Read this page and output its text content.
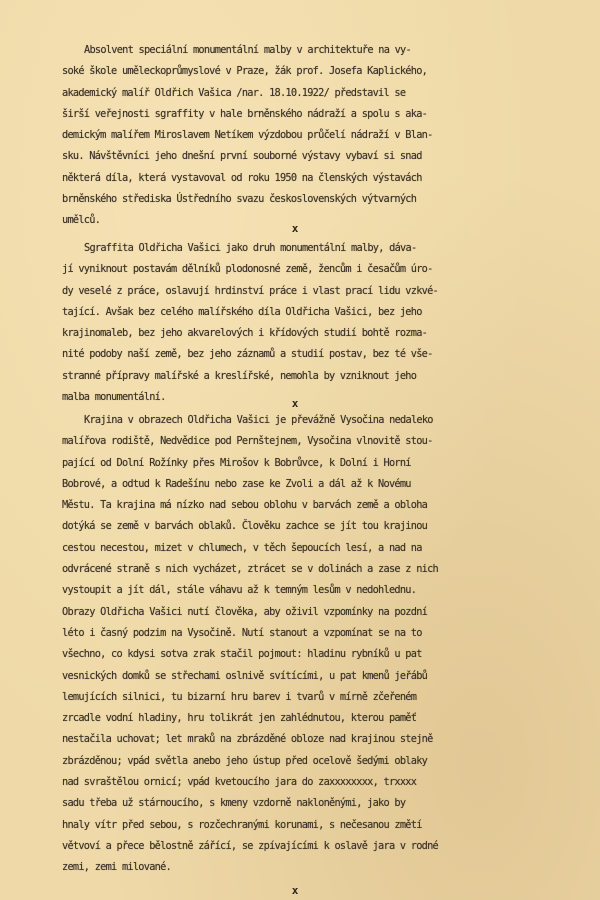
Absolvent speciální monumentální malby v architektuře na vy-
soké škole uměleckoprůmyslové v Praze, žák prof. Josefa Kaplického,
akademický malíř Oldřich Vašica /nar. 18.10.1922/ představil se
širší veřejnosti sgraffity v hale brněnského nádraží a spolu s aka-
demickým malířem Miroslavem Netíkem výzdobou průčelí nádraží v Blan-
sku. Návštěvníci jeho dnešní první souborné výstavy vybaví si snad
některá díla, která vystavoval od roku 1950 na členských výstavách
brněnského střediska Ústředního svazu československých výtvarných
umělců.
x
Sgraffita Oldřicha Vašici jako druh monumentální malby, dáva-
jí vyniknout postavám dělníků plodonosné země, žencům i česačům úro-
dy veselé z práce, oslavují hrdinství práce i vlast prací lidu vzkvé-
tající. Avšak bez celého malířského díla Oldřicha Vašici, bez jeho
krajinomaleb, bez jeho akvarelových i křídových studií bohtě rozma-
nité podoby naší země, bez jeho záznamů a studií postav, bez té vše-
stranné přípravy malířské a kreslířské, nemohla by vzniknout jeho
malba monumentální.	x
Krajina v obrazech Oldřicha Vašici je převážně Vysočina nedaleko
malířova rodiště, Nedvědice pod Pernštejnem, Vysočina vlnovitě stou-
pající od Dolní Rožínky přes Mirošov k Bobrůvce, k Dolní i Horní
Bobrové, a odtud k Radešínu nebo zase ke Zvoli a dál až k Novému
Městu. Ta krajina má nízko nad sebou oblohu v barvách země a obloha
dotýká se země v barvách oblaků. Člověku zachce se jít tou krajinou
cestou necestou, mizet v chlumech, v těch šepoucích lesí, a nad na
odvrácené straně s nich vycházet, ztrácet se v dolinách a zase z nich
vystoupit a jít dál, stále váhavu až k temným lesům v nedohlednu.
Obrazy Oldřicha Vašici nutí člověka, aby oživil vzpomínky na pozdní
léto i časný podzim na Vysočině. Nutí stanout a vzpomínat se na to
všechno, co kdysi sotva zrak stačil pojmout: hladinu rybníků u pat
vesnických domků se střechami oslnivě svítícími, u pat kmenů jeřábů
lemujících silnici, tu bizarní hru barev i tvarů v mírně zčeřeném
zrcadle vodní hladiny, hru tolikrát jen zahlédnutou, kterou paměť
nestačila uchovat; let mraků na zbrázděné obloze nad krajinou stejně
zbrázděnou; vpád světla anebo jeho ústup před ocelově šedými oblaky
nad svraštělou ornicí; vpád kvetoucího jara do zaxxxxxxxx, trxxxx
sadu třeba už stárnoucího, s kmeny vzdorně nakloněnými, jako by
hnaly vítr před sebou, s rozčechranými korunami, s nečesanou změtí
větvoví a přece bělostně zářící, se zpívajícími k oslavě jara v rodné
zemi, zemi milované.
x
